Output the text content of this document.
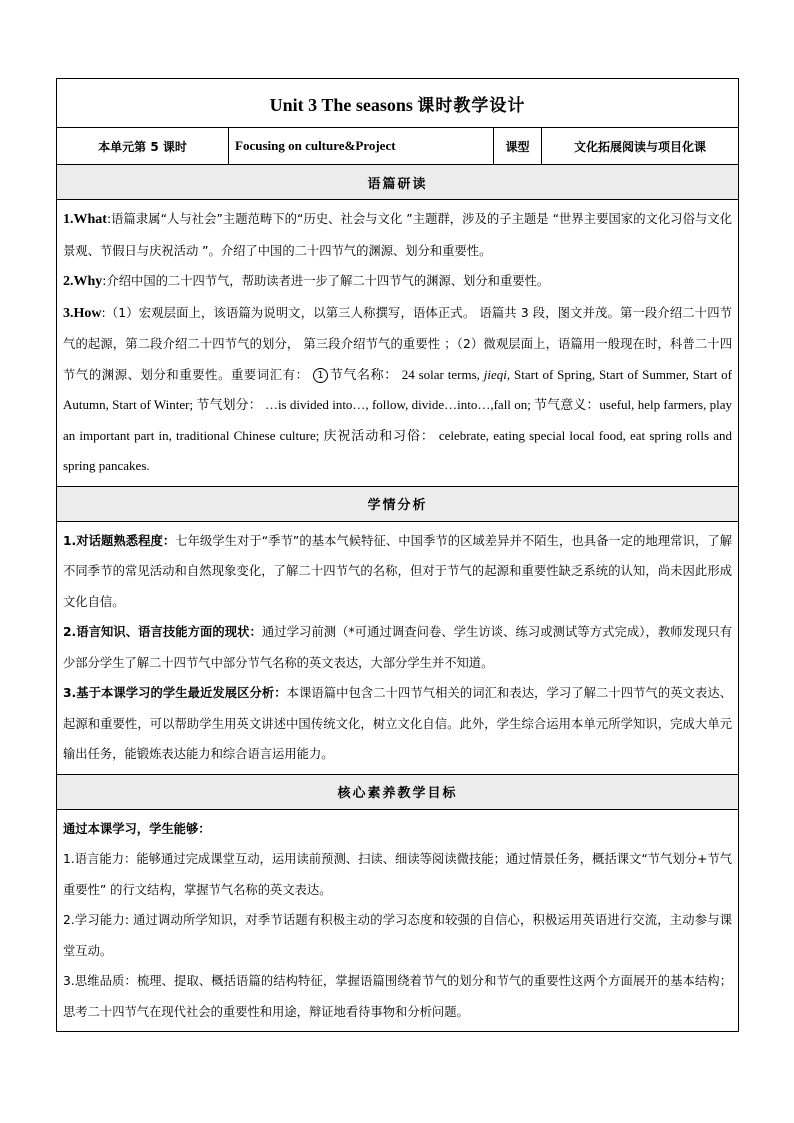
Unit 3 The seasons 课时教学设计
本单元第 5 课时	Focusing on culture&Project	课型	文化拓展阅读与项目化课
语篇研读

1.What:语篇隶属“人与社会”主题范畴下的“历史、社会与文化 ”主题群，涉及的子主题是 “世界主要国家的文化习俗与文化景观、节假日与庆祝活动 ”。介绍了中国的二十四节气的渊源、划分和重要性。

2.Why:介绍中国的二十四节气，帮助读者进一步了解二十四节气的渊源、划分和重要性。

3.How:（1）宏观层面上，该语篇为说明文，以第三人称撰写，语体正式。 语篇共 3 段，图文并茂。第一段介绍二十四节气的起源，第二段介绍二十四节气的划分， 第三段介绍节气的重要性 ；（2）微观层面上，语篇用一般现在时，科普二十四节气的渊源、划分和重要性。重要词汇有： 1 节气名称： 24 solar terms, jieqi, Start of Spring, Start of Summer, Start of Autumn, Start of Winter; 节气划分： …is divided into…, follow, divide…into…,fall on; 节气意义：useful, help farmers, play an important part in, traditional Chinese culture; 庆祝活动和习俗： celebrate, eating special local food, eat spring rolls and spring pancakes.

学情分析

1.对话题熟悉程度：七年级学生对于“季节”的基本气候特征、中国季节的区域差异并不陌生，也具备一定的地理常识，了解不同季节的常见活动和自然现象变化，了解二十四节气的名称，但对于节气的起源和重要性缺乏系统的认知，尚未因此形成文化自信。

2.语言知识、语言技能方面的现状：通过学习前测（*可通过调查问卷、学生访谈、练习或测试等方式完成），教师发现只有少部分学生了解二十四节气中部分节气名称的英文表达，大部分学生并不知道。

3.基于本课学习的学生最近发展区分析：本课语篇中包含二十四节气相关的词汇和表达，学习了解二十四节气的英文表达、起源和重要性，可以帮助学生用英文讲述中国传统文化，树立文化自信。此外，学生综合运用本单元所学知识，完成大单元输出任务，能锻炼表达能力和综合语言运用能力。

核心素养教学目标

通过本课学习，学生能够：

1.语言能力：能够通过完成课堂互动，运用读前预测、扫读、细读等阅读微技能；通过情景任务，概括课文“节气划分+节气重要性” 的行文结构，掌握节气名称的英文表达。

2.学习能力: 通过调动所学知识，对季节话题有积极主动的学习态度和较强的自信心，积极运用英语进行交流，主动参与课堂互动。

3.思维品质：梳理、提取、概括语篇的结构特征，掌握语篇围绕着节气的划分和节气的重要性这两个方面展开的基本结构；思考二十四节气在现代社会的重要性和用途，辩证地看待事物和分析问题。
